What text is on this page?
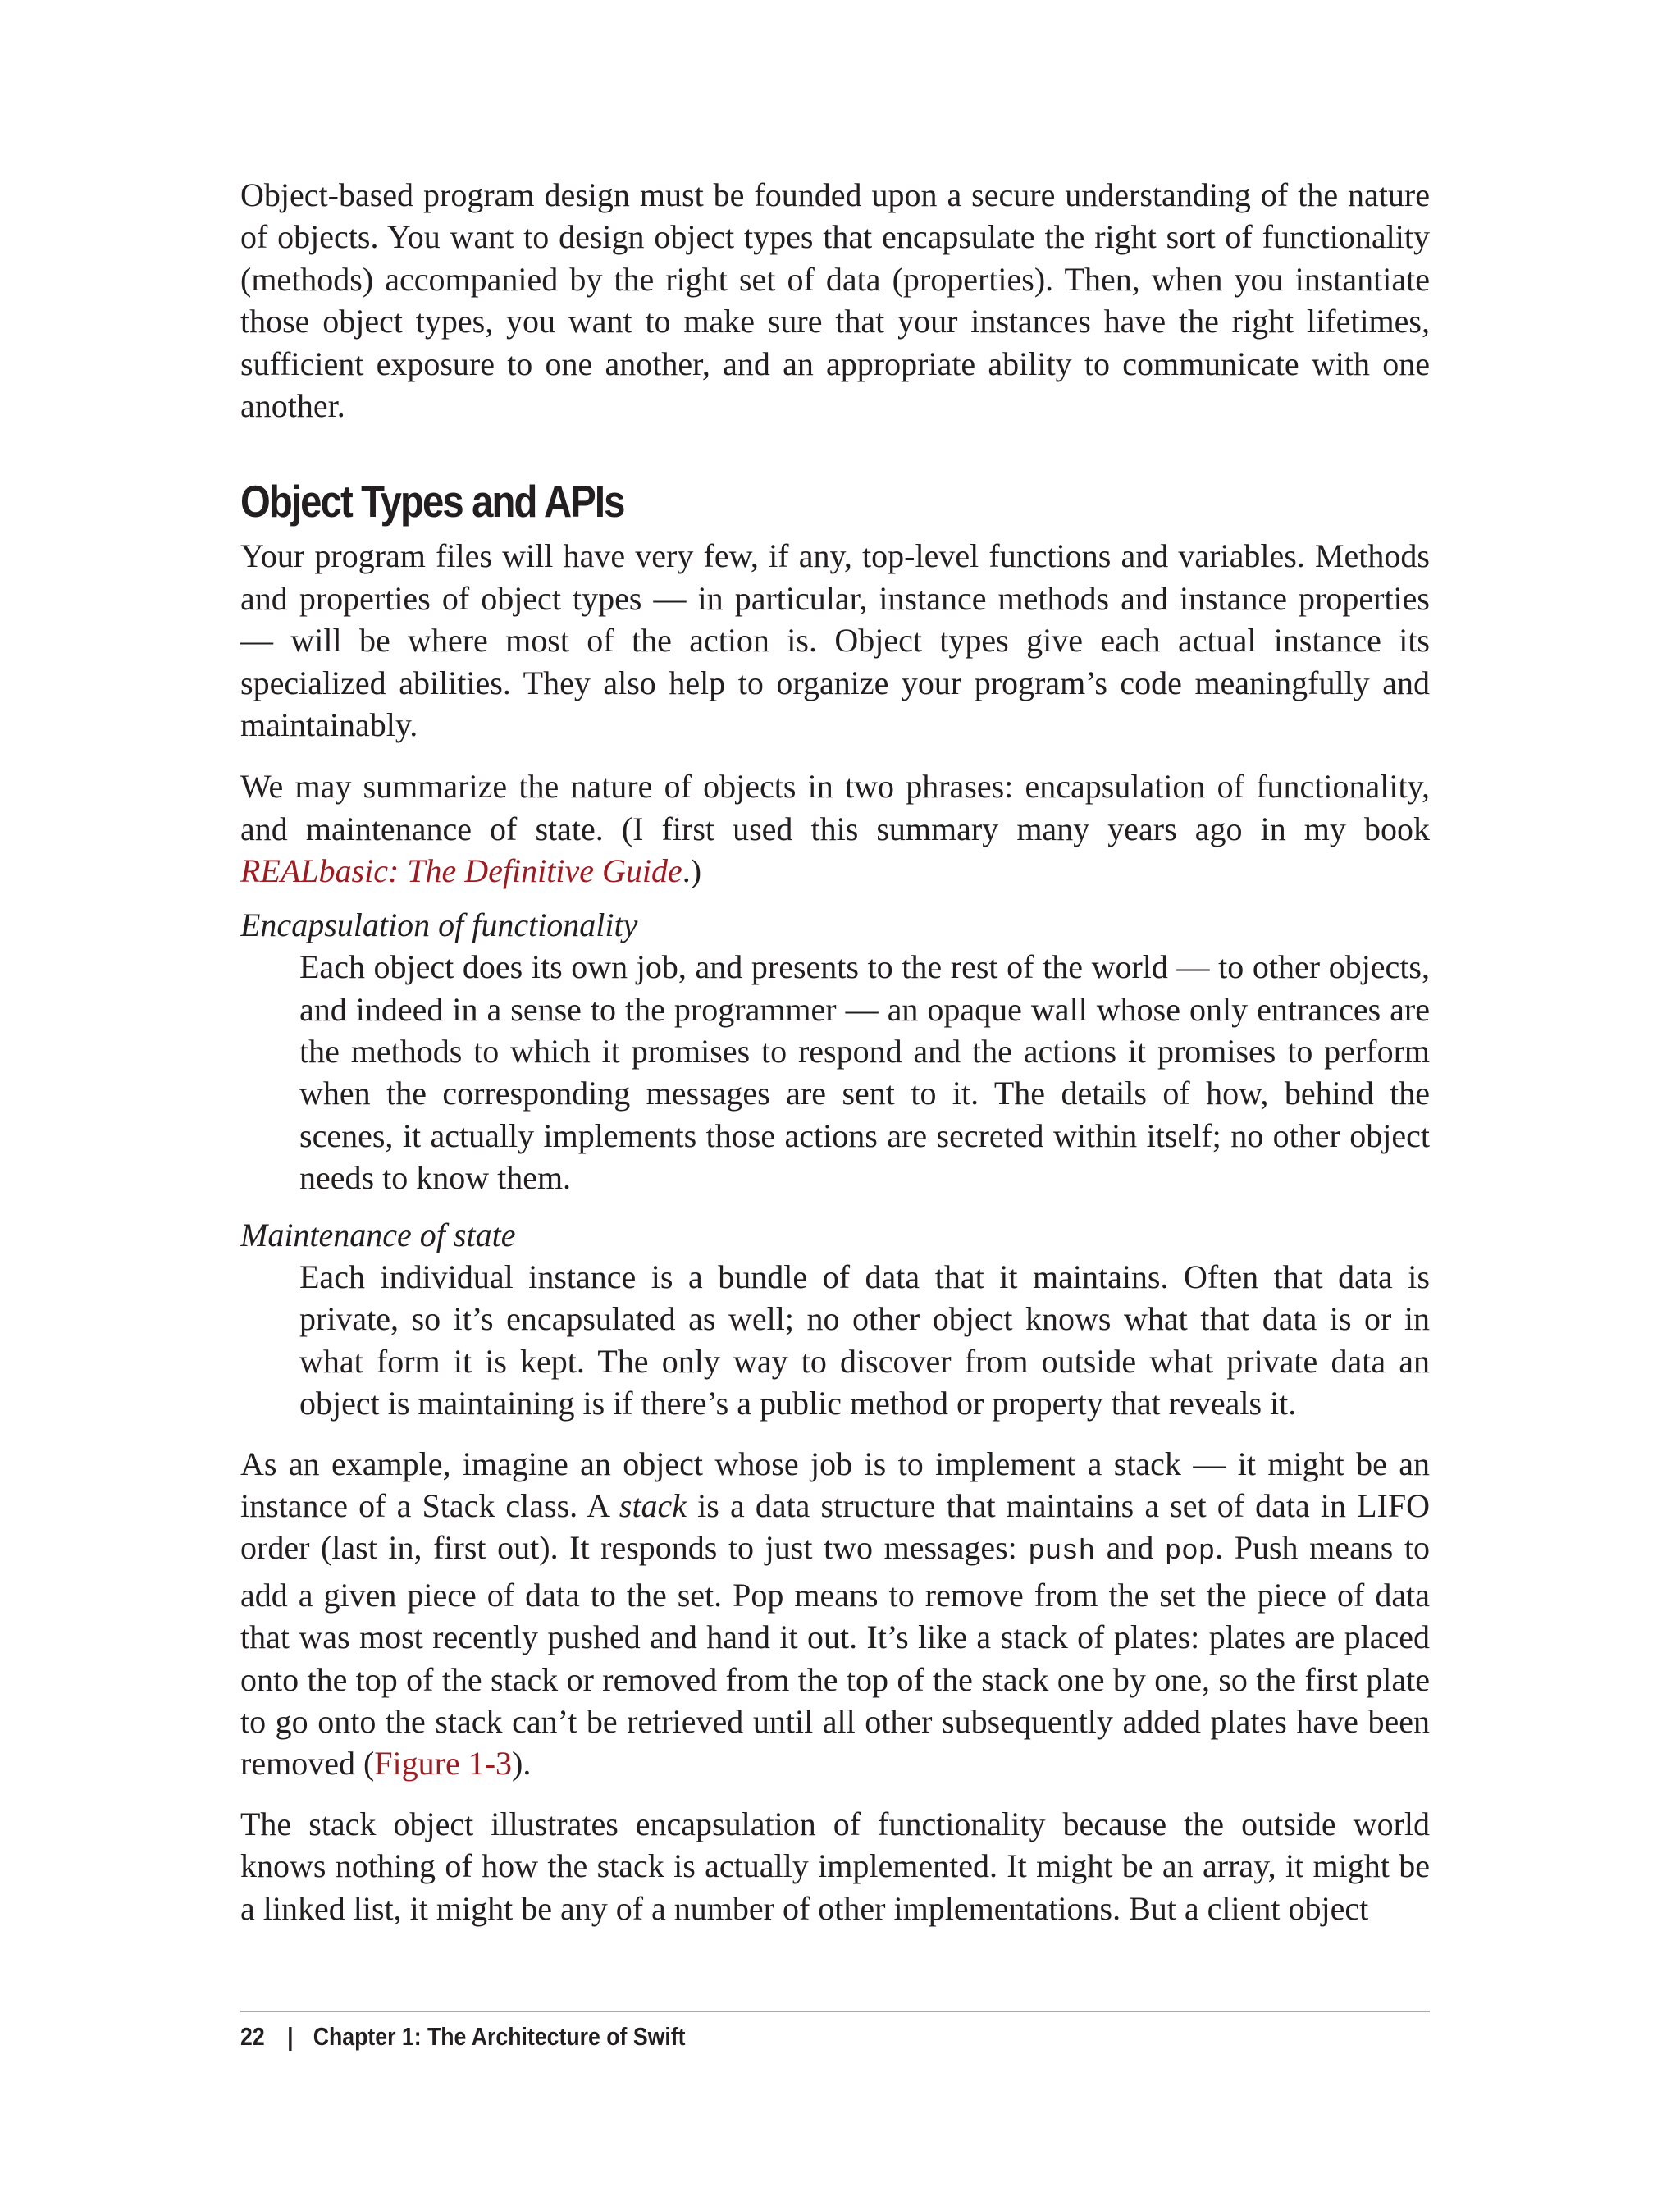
Object-based program design must be founded upon a secure understanding of the nature of objects. You want to design object types that encapsulate the right sort of functionality (methods) accompanied by the right set of data (properties). Then, when you instantiate those object types, you want to make sure that your instances have the right lifetimes, sufficient exposure to one another, and an appropriate ability to communicate with one another.

Object Types and APIs

Your program files will have very few, if any, top-level functions and variables. Methods and properties of object types — in particular, instance methods and instance properties — will be where most of the action is. Object types give each actual instance its specialized abilities. They also help to organize your program’s code meaningfully and maintainably.

We may summarize the nature of objects in two phrases: encapsulation of functionality, and maintenance of state. (I first used this summary many years ago in my book REALbasic: The Definitive Guide.)

Encapsulation of functionality

Each object does its own job, and presents to the rest of the world — to other objects, and indeed in a sense to the programmer — an opaque wall whose only entrances are the methods to which it promises to respond and the actions it promises to perform when the corresponding messages are sent to it. The details of how, behind the scenes, it actually implements those actions are secreted within itself; no other object needs to know them.

Maintenance of state

Each individual instance is a bundle of data that it maintains. Often that data is private, so it’s encapsulated as well; no other object knows what that data is or in what form it is kept. The only way to discover from outside what private data an object is maintaining is if there’s a public method or property that reveals it.

As an example, imagine an object whose job is to implement a stack — it might be an instance of a Stack class. A stack is a data structure that maintains a set of data in LIFO order (last in, first out). It responds to just two messages: push and pop. Push means to add a given piece of data to the set. Pop means to remove from the set the piece of data that was most recently pushed and hand it out. It’s like a stack of plates: plates are placed onto the top of the stack or removed from the top of the stack one by one, so the first plate to go onto the stack can’t be retrieved until all other subsequently added plates have been removed (Figure 1-3).

The stack object illustrates encapsulation of functionality because the outside world knows nothing of how the stack is actually implemented. It might be an array, it might be a linked list, it might be any of a number of other implementations. But a client object

22 | Chapter 1: The Architecture of Swift
